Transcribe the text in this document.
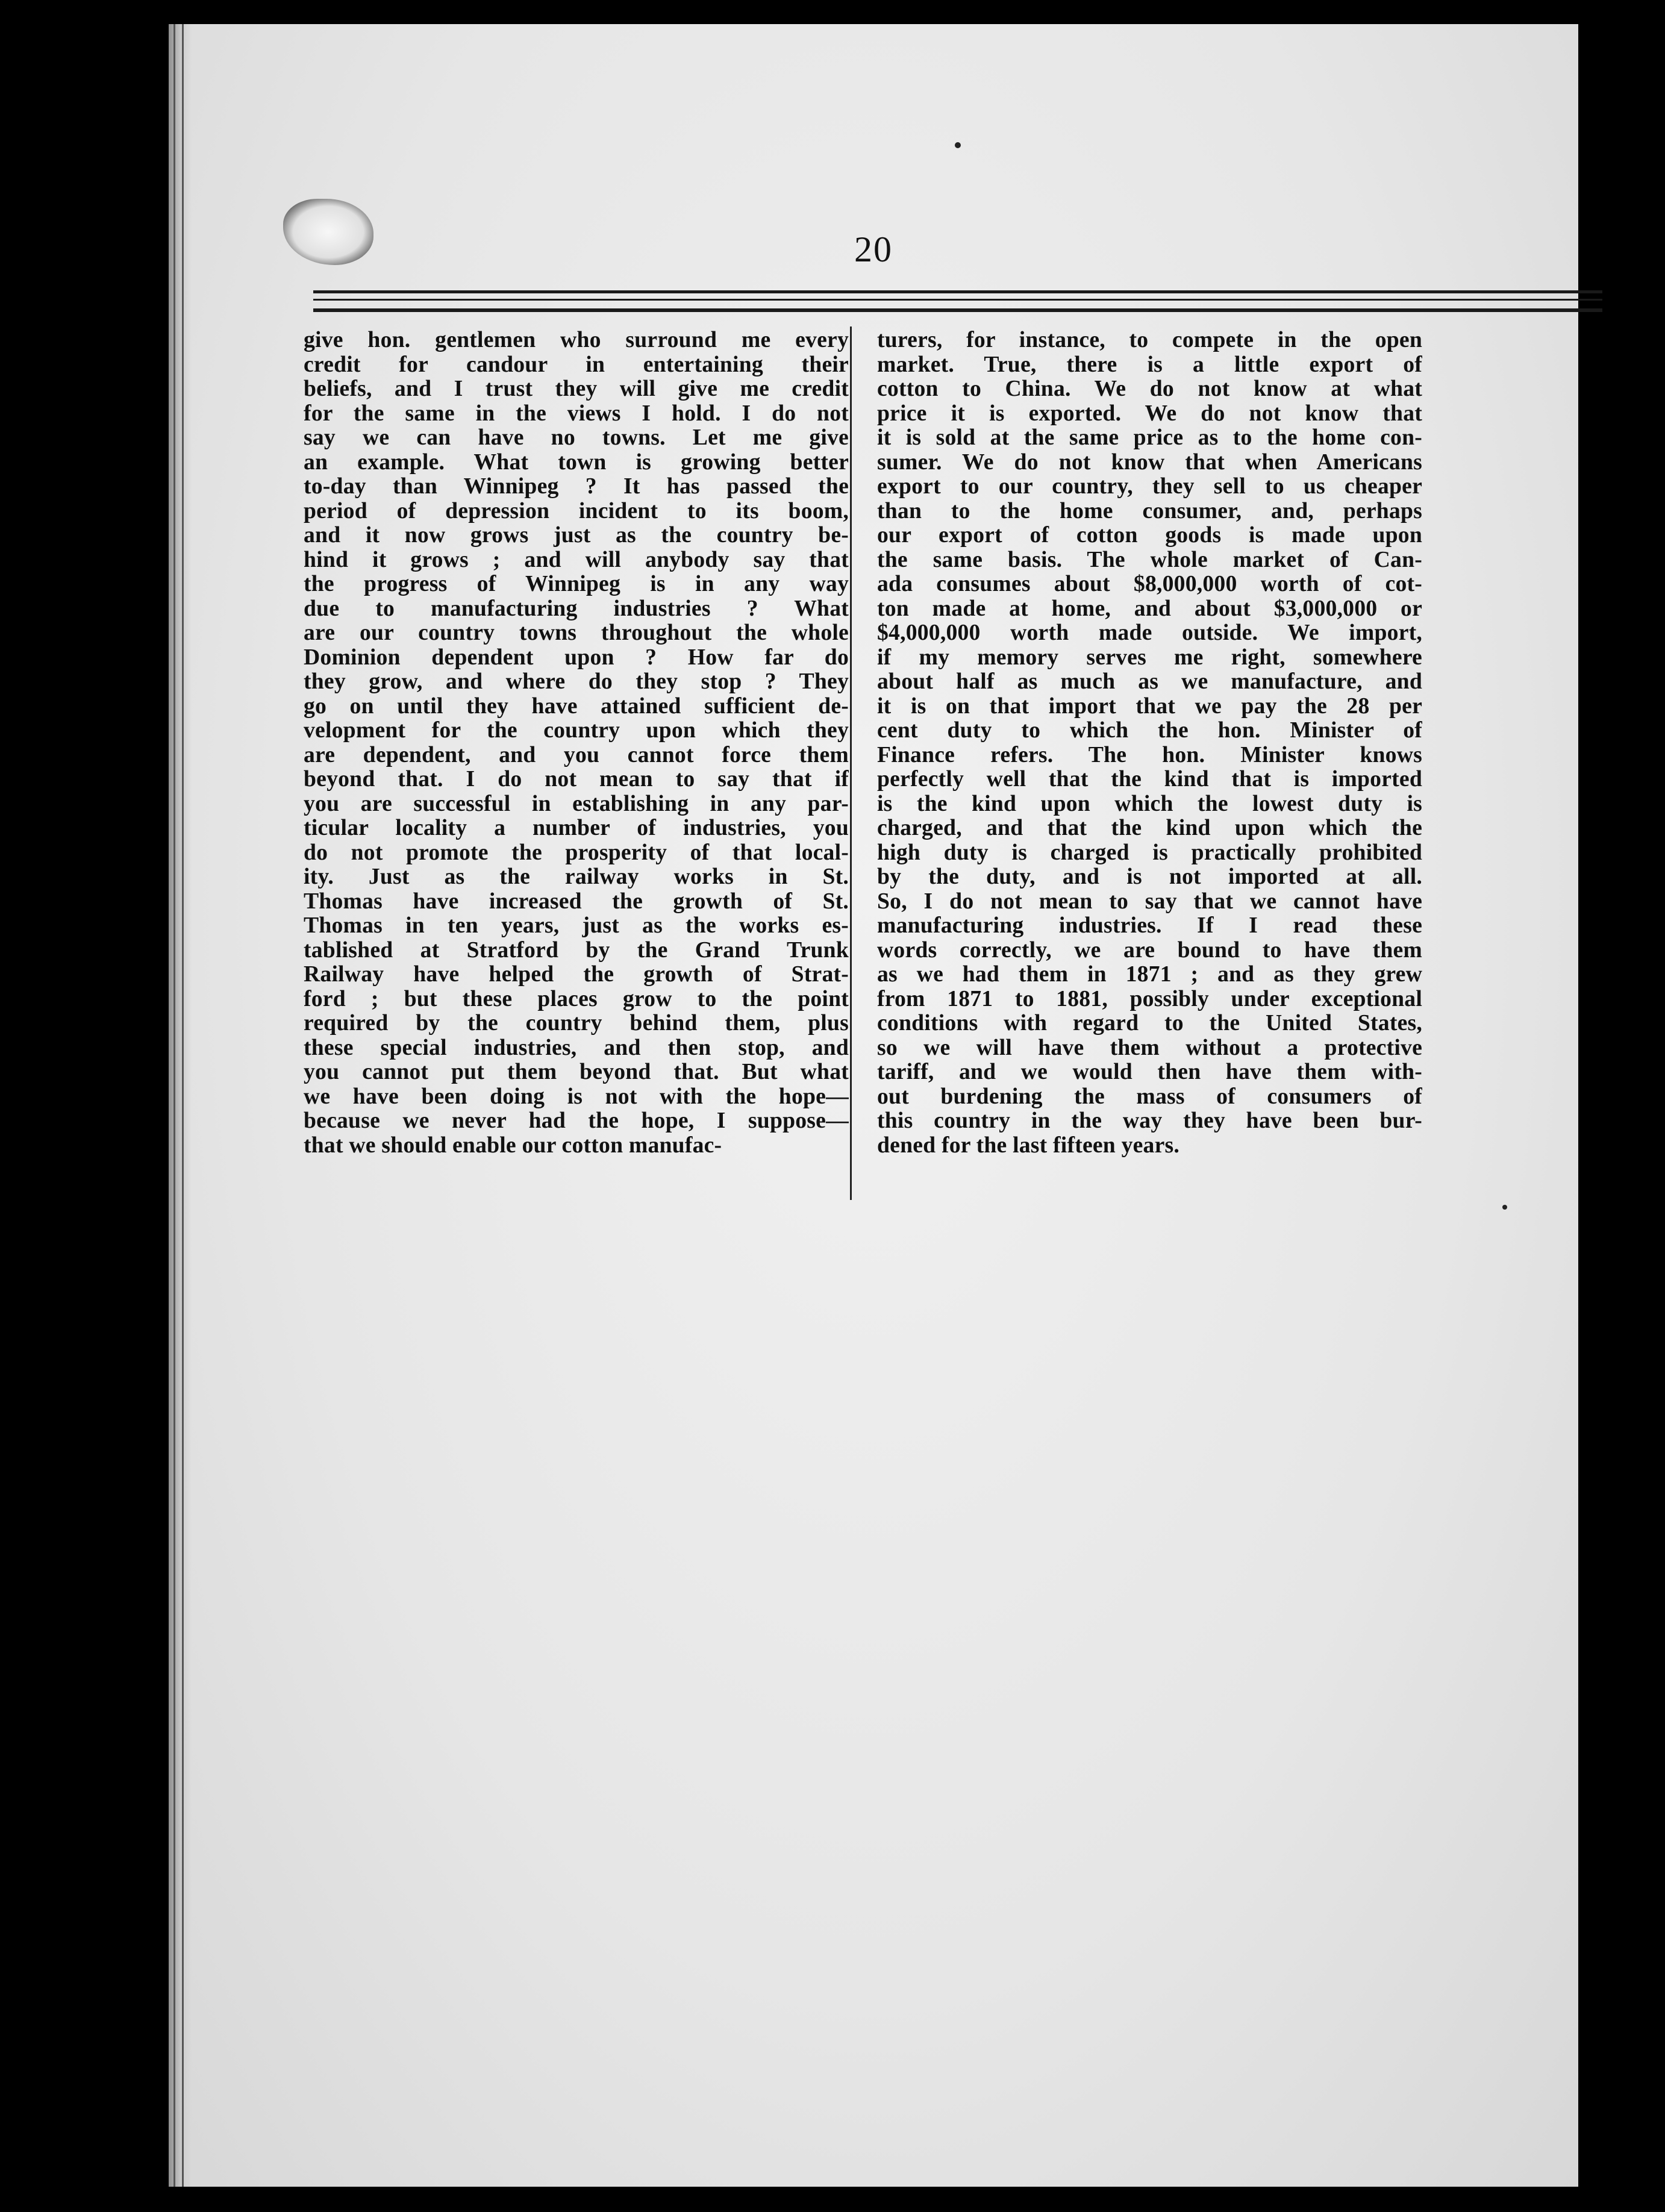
20
give hon. gentlemen who surround me every
credit for candour in entertaining their
beliefs, and I trust they will give me credit
for the same in the views I hold. I do not
say we can have no towns. Let me give
an example. What town is growing better
to-day than Winnipeg ? It has passed the
period of depression incident to its boom,
and it now grows just as the country be-
hind it grows ; and will anybody say that
the progress of Winnipeg is in any way
due to manufacturing industries ? What
are our country towns throughout the whole
Dominion dependent upon ? How far do
they grow, and where do they stop ? They
go on until they have attained sufficient de-
velopment for the country upon which they
are dependent, and you cannot force them
beyond that. I do not mean to say that if
you are successful in establishing in any par-
ticular locality a number of industries, you
do not promote the prosperity of that local-
ity. Just as the railway works in St.
Thomas have increased the growth of St.
Thomas in ten years, just as the works es-
tablished at Stratford by the Grand Trunk
Railway have helped the growth of Strat-
ford ; but these places grow to the point
required by the country behind them, plus
these special industries, and then stop, and
you cannot put them beyond that. But what
we have been doing is not with the hope—
because we never had the hope, I suppose—
that we should enable our cotton manufac-
turers, for instance, to compete in the open
market. True, there is a little export of
cotton to China. We do not know at what
price it is exported. We do not know that
it is sold at the same price as to the home con-
sumer. We do not know that when Americans
export to our country, they sell to us cheaper
than to the home consumer, and, perhaps
our export of cotton goods is made upon
the same basis. The whole market of Can-
ada consumes about $8,000,000 worth of cot-
ton made at home, and about $3,000,000 or
$4,000,000 worth made outside. We import,
if my memory serves me right, somewhere
about half as much as we manufacture, and
it is on that import that we pay the 28 per
cent duty to which the hon. Minister of
Finance refers. The hon. Minister knows
perfectly well that the kind that is imported
is the kind upon which the lowest duty is
charged, and that the kind upon which the
high duty is charged is practically prohibited
by the duty, and is not imported at all.
So, I do not mean to say that we cannot have
manufacturing industries. If I read these
words correctly, we are bound to have them
as we had them in 1871 ; and as they grew
from 1871 to 1881, possibly under exceptional
conditions with regard to the United States,
so we will have them without a protective
tariff, and we would then have them with-
out burdening the mass of consumers of
this country in the way they have been bur-
dened for the last fifteen years.
